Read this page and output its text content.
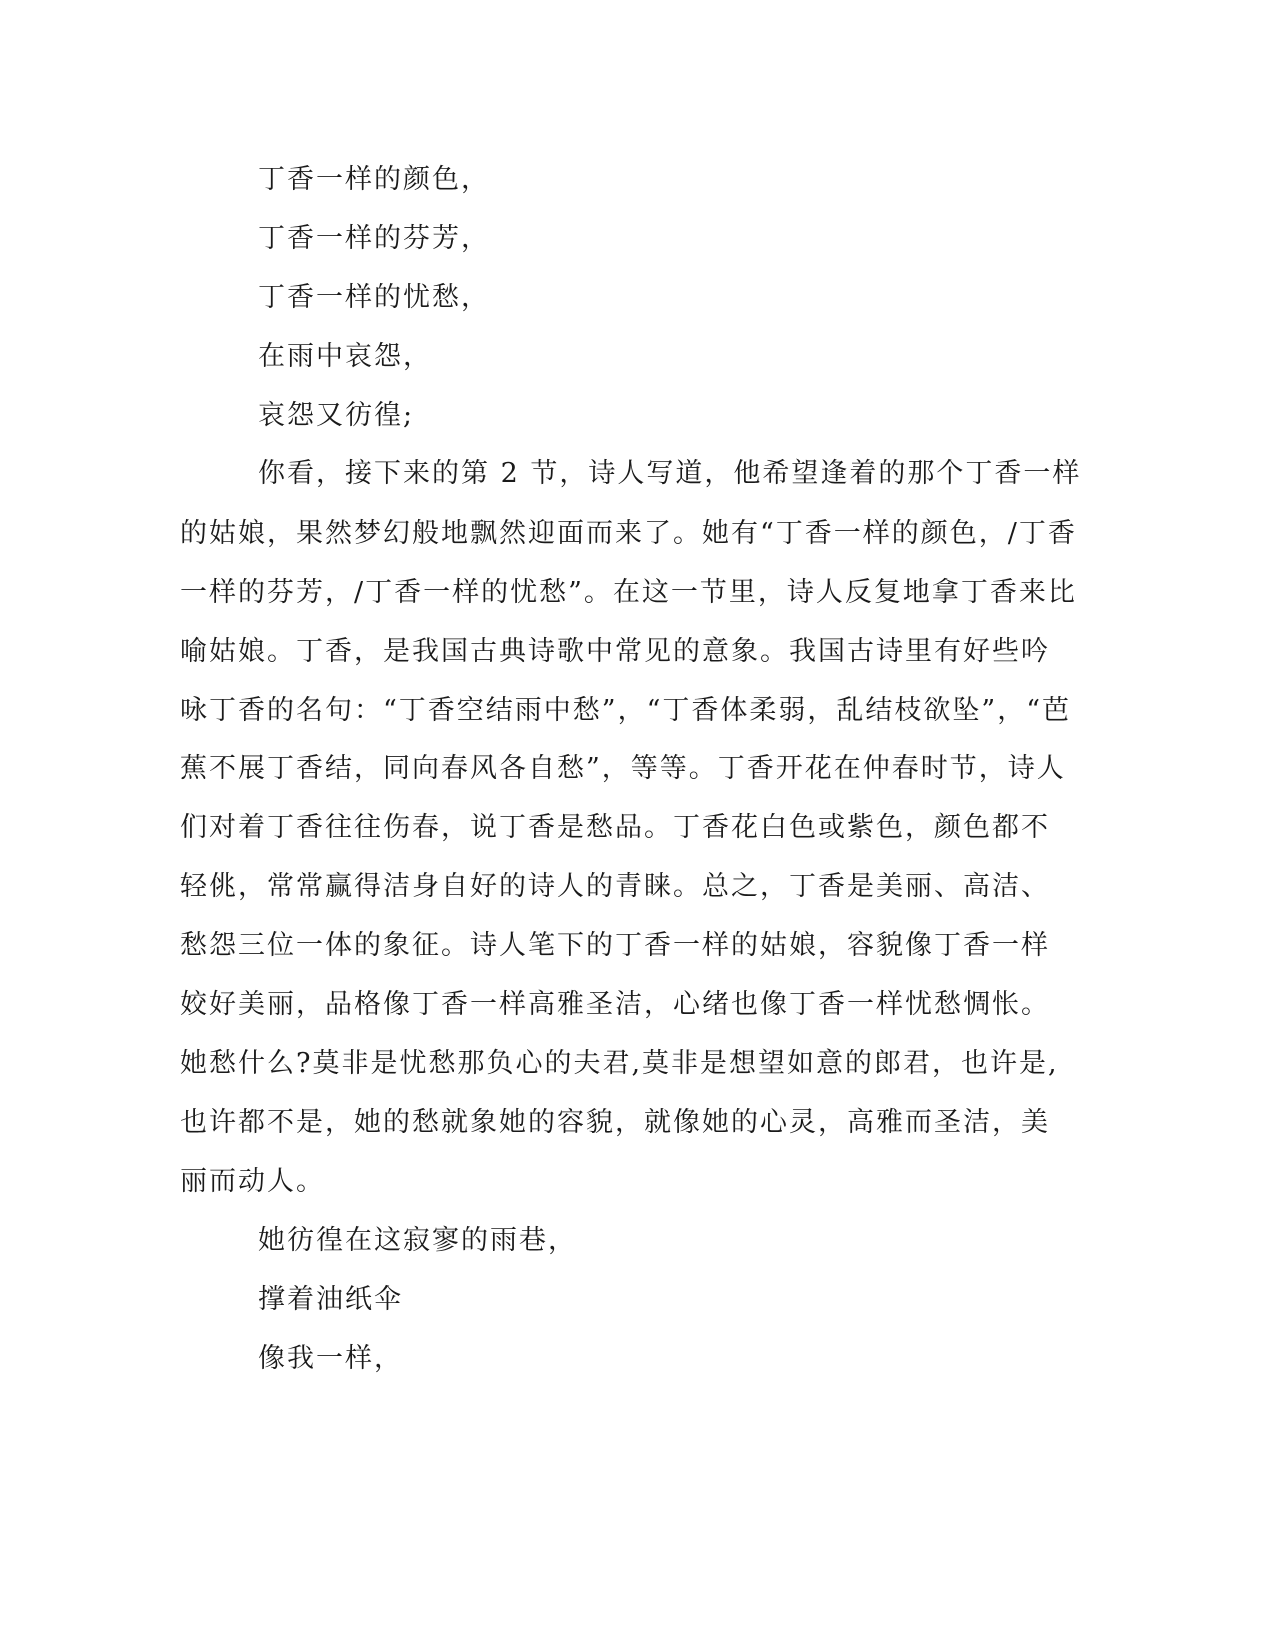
丁香一样的颜色，

丁香一样的芬芳，

丁香一样的忧愁，

在雨中哀怨，

哀怨又彷徨;

你看，接下来的第 2 节，诗人写道，他希望逢着的那个丁香一样

的姑娘，果然梦幻般地飘然迎面而来了。她有“丁香一样的颜色，/丁香

一样的芬芳，/丁香一样的忧愁”。在这一节里，诗人反复地拿丁香来比

喻姑娘。丁香，是我国古典诗歌中常见的意象。我国古诗里有好些吟

咏丁香的名句：“丁香空结雨中愁”，“丁香体柔弱，乱结枝欲坠”，“芭

蕉不展丁香结，同向春风各自愁”，等等。丁香开花在仲春时节，诗人

们对着丁香往往伤春，说丁香是愁品。丁香花白色或紫色，颜色都不

轻佻，常常赢得洁身自好的诗人的青睐。总之，丁香是美丽、高洁、

愁怨三位一体的象征。诗人笔下的丁香一样的姑娘，容貌像丁香一样

姣好美丽，品格像丁香一样高雅圣洁，心绪也像丁香一样忧愁惆怅。

她愁什么?莫非是忧愁那负心的夫君,莫非是想望如意的郎君，也许是,

也许都不是，她的愁就象她的容貌，就像她的心灵，高雅而圣洁，美

丽而动人。

她彷徨在这寂寥的雨巷，

撑着油纸伞

像我一样，
